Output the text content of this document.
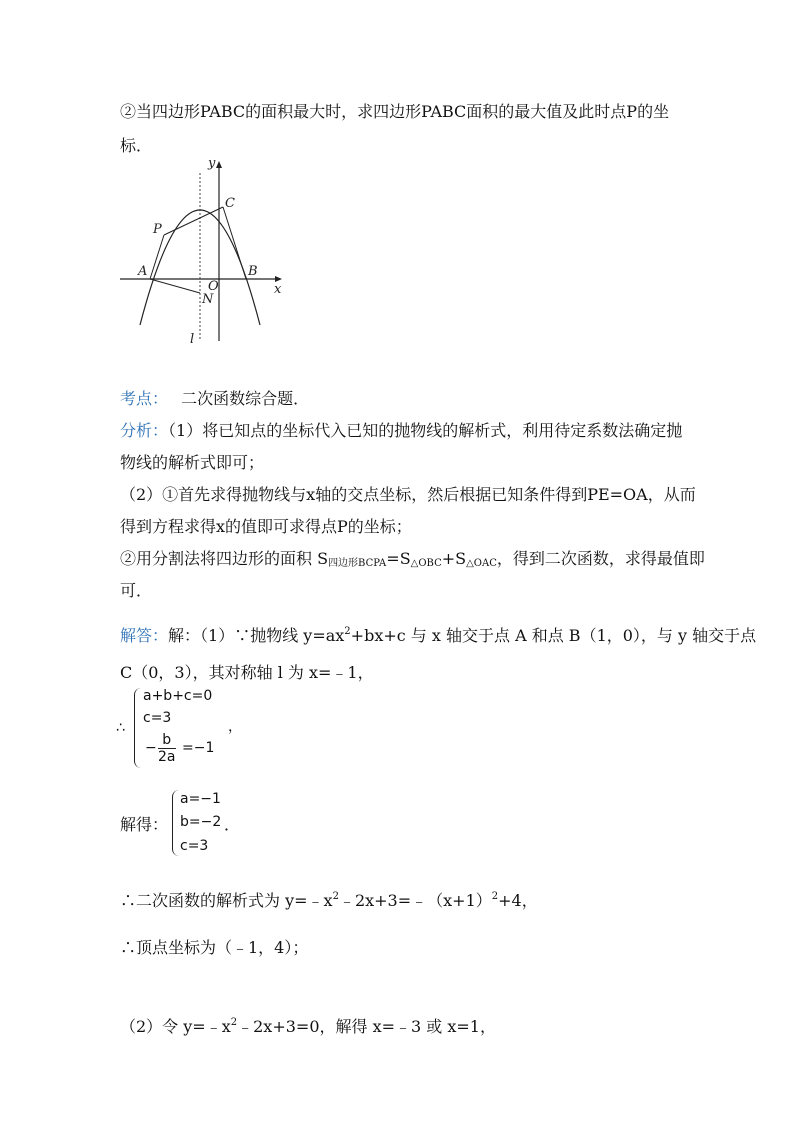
②当四边形PABC的面积最大时，求四边形PABC面积的最大值及此时点P的坐
标．
y
x
C
P
A	B
O
N
l
考点： 二次函数综合题．
分析：（1）将已知点的坐标代入已知的抛物线的解析式，利用待定系数法确定抛
物线的解析式即可；
（2）①首先求得抛物线与x轴的交点坐标，然后根据已知条件得到PE=OA，从而
得到方程求得x的值即可求得点P的坐标；
②用分割法将四边形的面积 $S_{四边形BCPA}=S_{\triangle OBC}+S_{\triangle OAC}$，得到二次函数，求得最值即
可．
解答：解：（1）∵抛物线 $y=ax^2+bx+c$ 与 x 轴交于点 A 和点 B（1，0），与 y 轴交于点
C（0，3），其对称轴 l 为 x=﹣1，
∴
a+b+c=0
c=3
− $\frac{b}{2a} =-1$
，
解得：
a=−1
b=−2
c=3
．
∴二次函数的解析式为 $y=﹣x^2﹣2x+3=﹣(x+1)^2+4$，
∴顶点坐标为（﹣1，4）；
（2）令 $y=﹣x^2﹣2x+3=0$，解得 x=﹣3 或 x=1，
